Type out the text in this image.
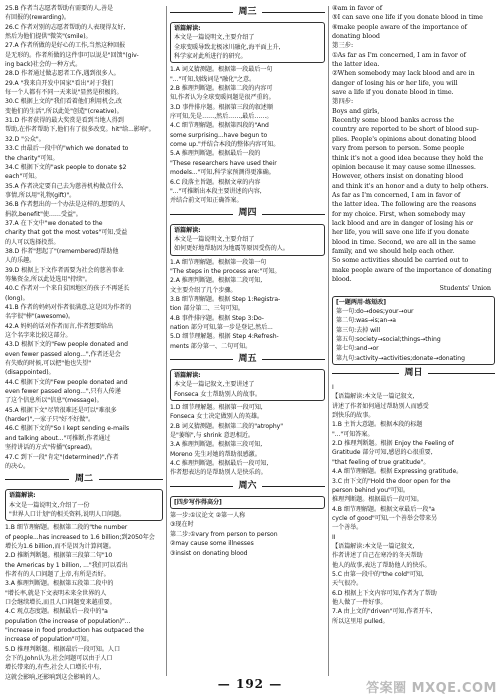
25.B 作者当志愿者帮助有需要的人,善是
有回报的(rewarding)。
26.C 作者对别的志愿者帮助的人表现得友好,
然后为他们提供"微笑"(smile)。
27.A 作者所做的是好心的工作,当然这种回报
是无形的。作者所做的这件事可以说是"回馈"(giv-
ing back)社会的一种方式。
28.D 作者通过做志愿者工作,遇到很多人。
29.A "我来自开发中国家"看出"对于我们
每一个人都有不同一天来说"显然是积极的。
30.C 根据上文的"我们看着他们利用机会,改
变他们的生活",所以此处"创造"(creative)。
31.D 作者获得的最大奖赏是看到当地人得到
帮助,在作者帮助下,他们有了很多改变。hit"给...影响"。
32.D "公众"。
33.C 由最后一段中的"which we donated to
the charity"可知。
34.C 根据下文的"ask people to donate $2
each"可知。
35.A 作者决定要自己去为慈善机构做点什么
事情,所以用"礼物(gift)"。
36.B 作者想出的一个办法是这样的,想要的人
捐款,benefit"使……受益"。
37.A 在下文中"we donated to the
charity that got the most votes"可知,受益
的人可以选择投票。
38.D 作者"想起了"(remembered)帮助他
人的乐趣。
39.D 根据上下文作者需要为社会的慈善事业
筹集资金,所以此处选用"持续"。
40.C 作者对一个来自贫困地区的孩子不再延长
(long)。
41.B 作者的妈妈对作者很满意,这是因为作者的
名字很"棒"(awesome)。
42.A 妈妈的话对作者而言,作者想要给出
这个名字来比较这部分。
43.D 根据下文的"Few people donated and
even fewer passed along...",作者还是会
有失败的时候,可以把"他也失望"
(disappointed)。
44.C 根据下文的"Few people donated and
even fewer passed along...",只有人传递
了这个信息所以"信息"(message)。
45.A 根据下文"尽管很难还是可以"难很多
(harder)",一家子只"好不好做"。
46.C 根据下文的"So I kept sending e-mails
and talking about..."可推断,作者通过
坚持讲话的方式"传播"(spread)。
47.C 到下一段"肯定"(determined)",作者
的决心。
周二
语篇解读:
本文是一篇说明文,介绍了一份
"世界人口计划"的相关资料,说明人口问题。
1.B 细节理解题。根据第二段的"the number
of people...has increased to 1.6 billion;到2050年会
增长为1.6 billion,而不是因为计算问题。
2.D 推断判断题。根据第三段第二句"10
the Americas by 1 billion, ..."我们可以看出
作者有的人口问题了上帝,有所是否好。
3.A 推理判断题。根据第五段第二段中的
"增长率,就是下文表明未来全世界的人
口会继续增长,而且人口问题变来越重要。
4.C 观点态度题。根据最后一段中的"a
population (the increase of population)"...
"increase in food production has outpaced the
increase of population"可知。
5.D 推理判断题。根据最后一段可知。人口
会下的,John认为,社会问题可以由于人口
增长带来的,有些,社会人口增长中有,
这就会影响,还影响到这会影响的人。
周三
语篇解读:
本文是一篇说明文,主要介绍了
全球变暖导致北极冰川融化,海平面上升,
科学家对此所进行的研究。
1.A 词义猜测题。根据第一段最后一句
"..."可知,划线词是"融化"之意。
2.B 推理判断题。根据第二段的内容可
知,作者认为全球变暖问题是很严重的。
3.D 事件排序题。根据第三段的叙述顺
序可知,先是……,然后……,最后……。
4.C 细节理解题。根据第四段的"And
some surprising...have begun to
come up."并结合本段的整体内容可知。
5.A 推理判断题。根据最后一段的
"These researchers have used their
models..."可知,科学家预测得更准确。
6.C 段落主旨题。根据文章的内容
"..."可推断出本段主要讲述的内容,
并结合前文可知正确答案。
周四
语篇解读:
本文是一篇说明文,主要介绍了
如何更好地帮助因为地震等原因受伤的人。
1.A 细节理解题。根据第一段第一句
"The steps in the process are:"可知。
2.A 推理判断题。根据第二段可知,
文主要介绍了几个步骤。
3.B 细节理解题。根据 Step 1:Registra-
tion 部分第二、三句可知。
4.B 事件排序题。根据 Step 3:Do-
nation 部分可知,第一步是登记,然后...
5.D 细节理解题。根据 Step 4:Refresh-
ments 部分第一、二句可知。
周五
语篇解读:
本文是一篇记叙文,主要讲述了
Fonseca 女士帮助别人的故事。
1.D 细节理解题。根据第一段可知,
Fonseca 女士决定做别人的英雄。
2.B 词义猜测题。根据第二段的"atrophy"
是"萎缩",与 shrink 意思相近。
3.A 推理判断题。根据第三段可知,
Moreno 先生对她的帮助很感激。
4.C 推理判断题。根据最后一段可知,
作者想表达的是帮助别人是快乐的。
周六
[四步写作得高分]
第一步:①议论文 ②第一人称
③现在时
第二步:①vary from person to person
②may cause some illnesses
③insist on donating blood
④am in favor of
⑤I can save one life if you donate blood in time
⑥make people aware of the importance of
donating blood
第三步:
①As far as I'm concerned, I am in favor of
the latter idea.
②When somebody may lack blood and are in
danger of losing his or her life, you will
save a life if you donate blood in time.
第四步:
Boys and girls,
Recently some blood banks across the
country are reported to be short of blood sup-
plies. People's opinions about donating blood
vary from person to person. Some people
think it's not a good idea because they hold the
opinion because it may cause some illnesses.
However, others insist on donating blood
and think it's an honor and a duty to help others.
As far as I'm concerned, I am in favor of
the latter idea. The following are the reasons
for my choice. First, when somebody may
lack blood and are in danger of losing his or
her life, you will save one life if you donate
blood in time. Second, we are all in the same
family, and we should help each other.
So some activities should be carried out to
make people aware of the importance of donating
blood.
Students' Union
[一题两用·练短改]
第一句:do→does;your→our
第二句:was→is;an→a
第三句:去掉 will
第五句:society→social;things→thing
第七句:and→or
第九句:activity→activities;donate→donating
周日
I
【语篇解读:本文是一篇记叙文,
讲述了作者如何通过帮助别人而感受
到快乐的故事。
1.B 主旨大意题。根据本段的标题
"..."可知答案。
2.D 推理判断题。根据 Enjoy the Feeling of
Gratitude 部分可知,感恩的心很重要,
"that feeling of true gratitude"。
4.A 细节理解题。根据 Expressing gratitude。
3.C 由下文的"Hold the door open for the
person behind you"可知。
推理判断题。根据最后一段可知。
4.B 细节理解题。根据文章最后一段"a
cycle of good"可知,一个善举会带来另
一个善举。
II
【语篇解读:本文是一篇记叙文,
作者讲述了自己在寒冷的冬天帮助
他人的故事,表达了帮助他人的快乐。
5.C 由第一段中的"the cold"可知,
天气很冷。
6.D 根据上下文内容可知,作者为了帮助
他人做了一件好事。
7.A 由上文的"driven"可知,作者开车,
所以这里用 pulled。
— 192 —	答案圈 MXQE.COM
